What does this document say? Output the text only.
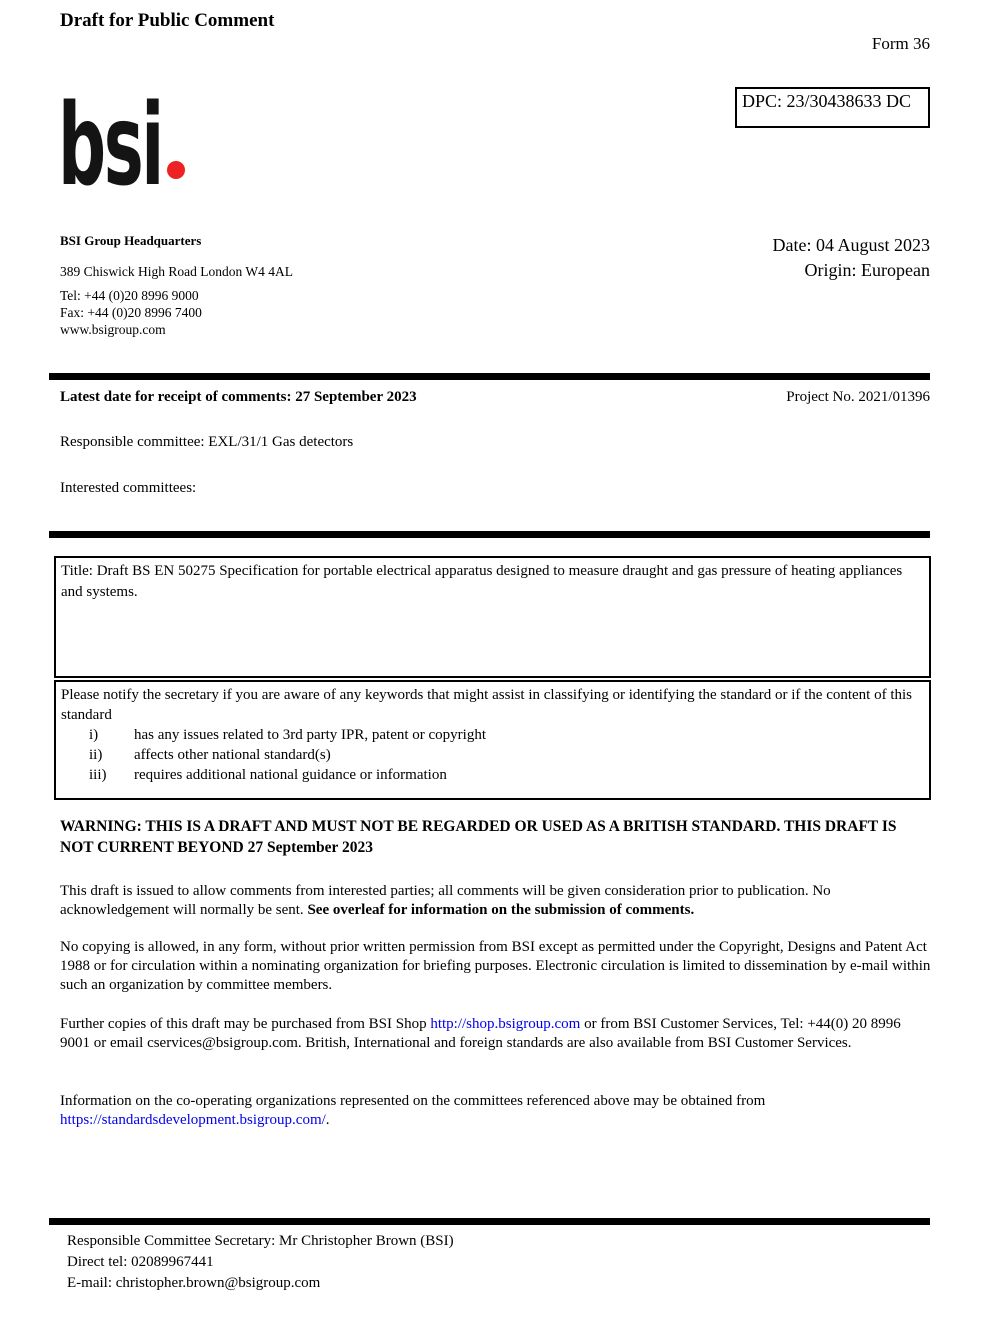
Draft for Public Comment
Form 36
DPC: 23/30438633 DC
bsi
BSI Group Headquarters
389 Chiswick High Road London W4 4AL
Tel: +44 (0)20 8996 9000
Fax: +44 (0)20 8996 7400
www.bsigroup.com
Date: 04 August 2023
Origin: European
Latest date for receipt of comments: 27 September 2023	Project No. 2021/01396
Responsible committee: EXL/31/1 Gas detectors
Interested committees:
Title: Draft BS EN 50275 Specification for portable electrical apparatus designed to measure draught and gas pressure of heating appliances and systems.
Please notify the secretary if you are aware of any keywords that might assist in classifying or identifying the standard or if the content of this standard
i)	has any issues related to 3rd party IPR, patent or copyright
ii)	affects other national standard(s)
iii)	requires additional national guidance or information
WARNING: THIS IS A DRAFT AND MUST NOT BE REGARDED OR USED AS A BRITISH STANDARD. THIS DRAFT IS NOT CURRENT BEYOND 27 September 2023
This draft is issued to allow comments from interested parties; all comments will be given consideration prior to publication. No acknowledgement will normally be sent. See overleaf for information on the submission of comments.
No copying is allowed, in any form, without prior written permission from BSI except as permitted under the Copyright, Designs and Patent Act 1988 or for circulation within a nominating organization for briefing purposes. Electronic circulation is limited to dissemination by e-mail within such an organization by committee members.
Further copies of this draft may be purchased from BSI Shop http://shop.bsigroup.com or from BSI Customer Services, Tel: +44(0) 20 8996 9001 or email cservices@bsigroup.com. British, International and foreign standards are also available from BSI Customer Services.
Information on the co-operating organizations represented on the committees referenced above may be obtained from https://standardsdevelopment.bsigroup.com/.
Responsible Committee Secretary: Mr Christopher Brown (BSI)
Direct tel: 02089967441
E-mail: christopher.brown@bsigroup.com
